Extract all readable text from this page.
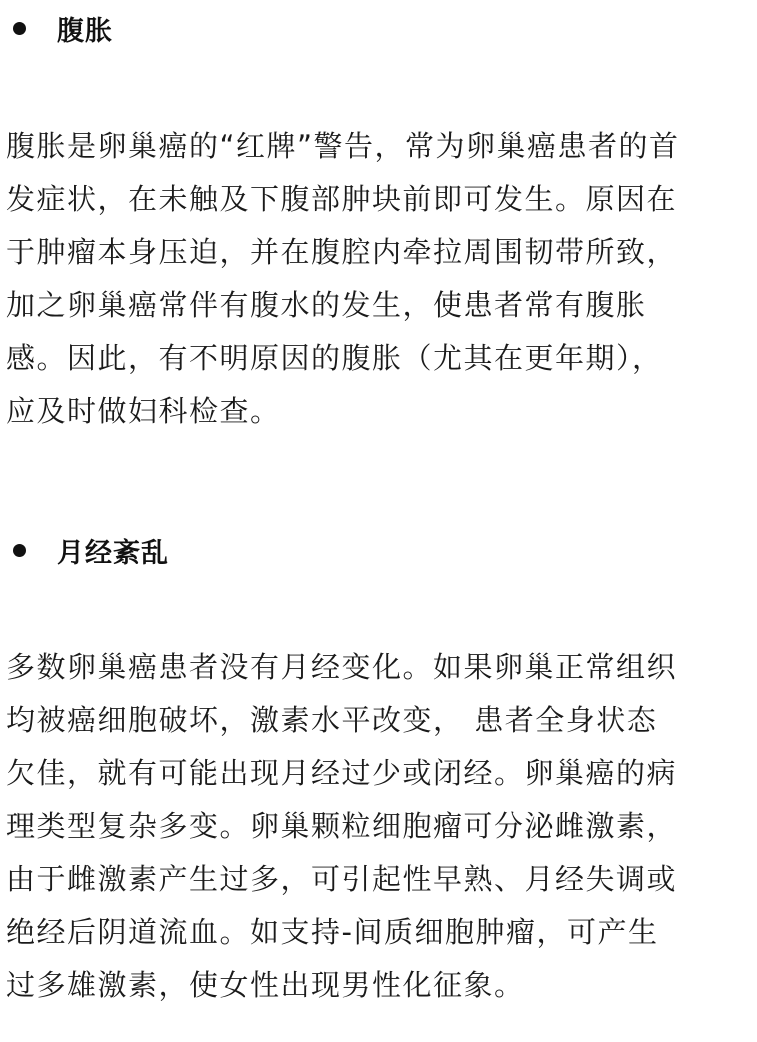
腹胀

腹胀是卵巢癌的“红牌”警告，常为卵巢癌患者的首
发症状，在未触及下腹部肿块前即可发生。原因在
于肿瘤本身压迫，并在腹腔内牵拉周围韧带所致，
加之卵巢癌常伴有腹水的发生，使患者常有腹胀
感。因此，有不明原因的腹胀（尤其在更年期），
应及时做妇科检查。

月经紊乱

多数卵巢癌患者没有月经变化。如果卵巢正常组织
均被癌细胞破坏，激素水平改变， 患者全身状态
欠佳，就有可能出现月经过少或闭经。卵巢癌的病
理类型复杂多变。卵巢颗粒细胞瘤可分泌雌激素，
由于雌激素产生过多，可引起性早熟、月经失调或
绝经后阴道流血。如支持-间质细胞肿瘤，可产生
过多雄激素，使女性出现男性化征象。
